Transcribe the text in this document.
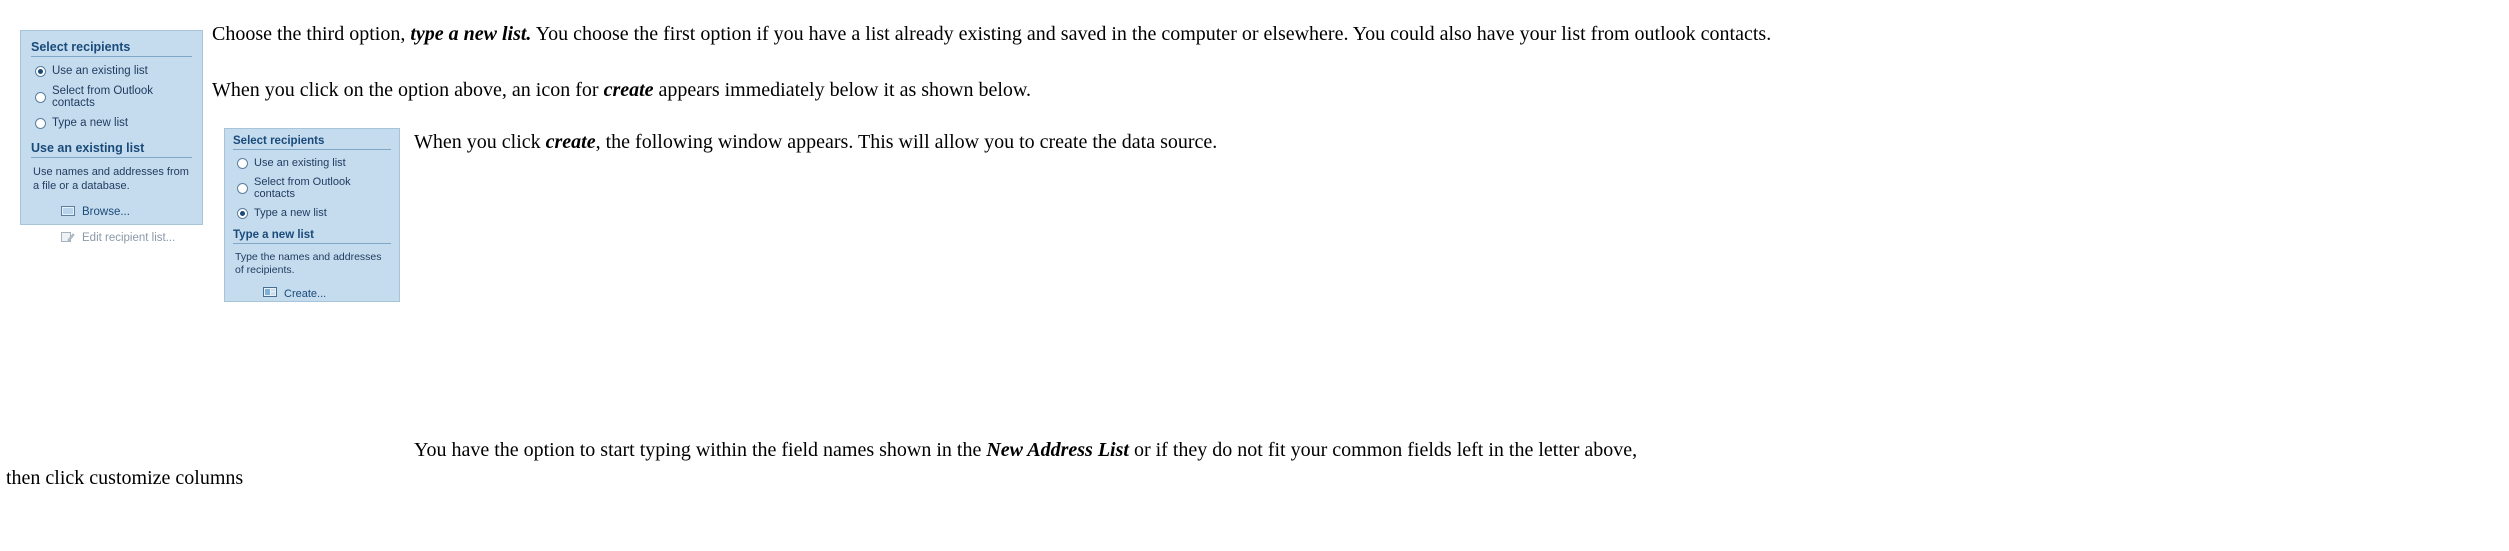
Select recipients
Use an existing list
Select from Outlook contacts
Type a new list
Use an existing list
Use names and addresses from a file or a database.
Browse...
Edit recipient list...
Select recipients
Use an existing list
Select from Outlook contacts
Type a new list
Type a new list
Type the names and addresses of recipients.
Create...
Choose the third option, type a new list. You choose the first option if you have a list already existing and saved in the computer or elsewhere. You could also have your list from outlook contacts.
When you click on the option above, an icon for create appears immediately below it as shown below.
When you click create, the following window appears. This will allow you to create the data source.
You have the option to start typing within the field names shown in the New Address List or if they do not fit your common fields left in the letter above,
then click customize columns
